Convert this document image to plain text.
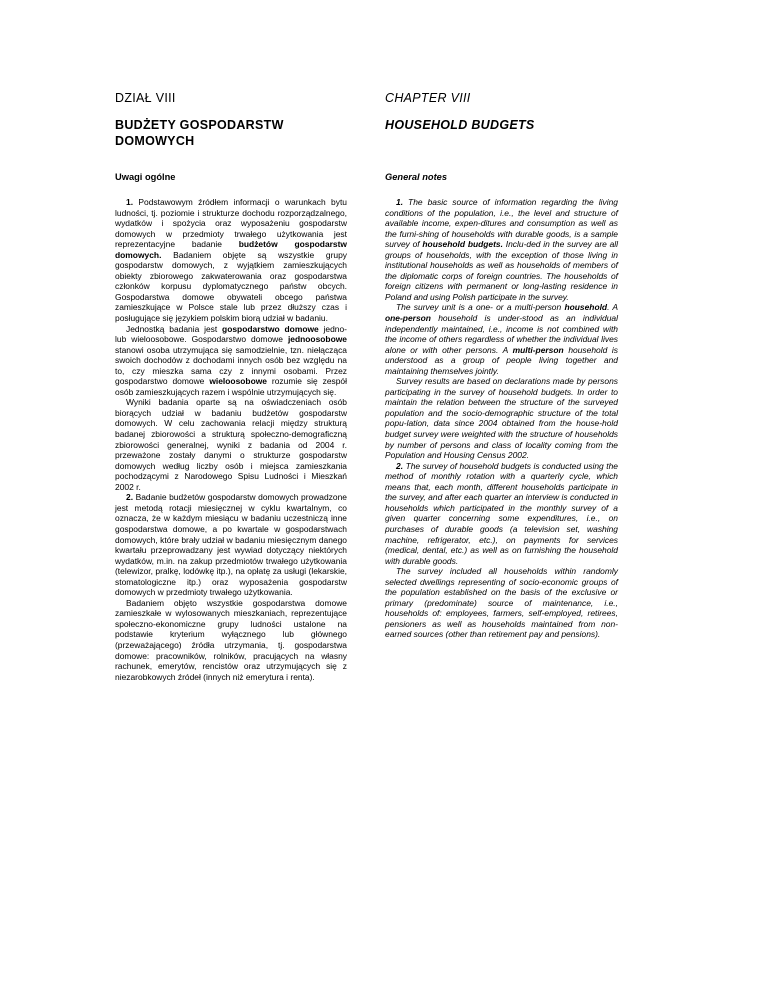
DZIAŁ VIII
BUDŻETY GOSPODARSTW DOMOWYCH
Uwagi ogólne

1. Podstawowym źródłem informacji o warunkach bytu ludności, tj. poziomie i strukturze dochodu rozporządzalnego, wydatków i spożycia oraz wyposażeniu gospodarstw domowych w przedmioty trwałego użytkowania jest reprezentacyjne badanie budżetów gospodarstw domowych. Badaniem objęte są wszystkie grupy gospodarstw domowych, z wyjątkiem zamieszkujących obiekty zbiorowego zakwaterowania oraz gospodarstwa członków korpusu dyplomatycznego państw obcych. Gospodarstwa domowe obywateli obcego państwa zamieszkujące w Polsce stale lub przez dłuższy czas i posługujące się językiem polskim biorą udział w badaniu.

Jednostką badania jest gospodarstwo domowe jedno- lub wieloosobowe. Gospodarstwo domowe jednoosobowe stanowi osoba utrzymująca się samodzielnie, tzn. niełącząca swoich dochodów z dochodami innych osób bez względu na to, czy mieszka sama czy z innymi osobami. Przez gospodarstwo domowe wieloosobowe rozumie się zespół osób zamieszkujących razem i wspólnie utrzymujących się.

Wyniki badania oparte są na oświadczeniach osób biorących udział w badaniu budżetów gospodarstw domowych. W celu zachowania relacji między strukturą badanej zbiorowości a strukturą społeczno-demograficzną zbiorowości generalnej, wyniki z badania od 2004 r. przeważone zostały danymi o strukturze gospodarstw domowych według liczby osób i miejsca zamieszkania pochodzącymi z Narodowego Spisu Ludności i Mieszkań 2002 r.

2. Badanie budżetów gospodarstw domowych prowadzone jest metodą rotacji miesięcznej w cyklu kwartalnym, co oznacza, że w każdym miesiącu w badaniu uczestniczą inne gospodarstwa domowe, a po kwartale w gospodarstwach domowych, które brały udział w badaniu miesięcznym danego kwartału przeprowadzany jest wywiad dotyczący niektórych wydatków, m.in. na zakup przedmiotów trwałego użytkowania (telewizor, pralkę, lodówkę itp.), na opłatę za usługi (lekarskie, stomatologiczne itp.) oraz wyposażenia gospodarstw domowych w przedmioty trwałego użytkowania.

Badaniem objęto wszystkie gospodarstwa domowe zamieszkałe w wylosowanych mieszkaniach, reprezentujące społeczno-ekonomiczne grupy ludności ustalone na podstawie kryterium wyłącznego lub głównego (przeważającego) źródła utrzymania, tj. gospodarstwa domowe: pracowników, rolników, pracujących na własny rachunek, emerytów, rencistów oraz utrzymujących się z niezarobkowych źródeł (innych niż emerytura i renta).

CHAPTER VIII
HOUSEHOLD BUDGETS
General notes

1. The basic source of information regarding the living conditions of the population, i.e., the level and structure of available income, expen-ditures and consumption as well as the furni-shing of households with durable goods, is a sample survey of household budgets. Inclu-ded in the survey are all groups of households, with the exception of those living in institutional households as well as households of members of the diplomatic corps of foreign countries. The households of foreign citizens with permanent or long-lasting residence in Poland and using Polish participate in the survey.

The survey unit is a one- or a multi-person household. A one-person household is under-stood as an individual independently maintained, i.e., income is not combined with the income of others regardless of whether the individual lives alone or with other persons. A multi-person household is understood as a group of people living together and maintaining themselves jointly.

Survey results are based on declarations made by persons participating in the survey of household budgets. In order to maintain the relation between the structure of the surveyed population and the socio-demographic structure of the total popu-lation, data since 2004 obtained from the house-hold budget survey were weighted with the structure of households by number of persons and class of locality coming from the Population and Housing Census 2002.

2. The survey of household budgets is conducted using the method of monthly rotation with a quarterly cycle, which means that, each month, different households participate in the survey, and after each quarter an interview is conducted in households which participated in the monthly survey of a given quarter concerning some expenditures, i.e., on purchases of durable goods (a television set, washing machine, refrigerator, etc.), on payments for services (medical, dental, etc.) as well as on furnishing the household with durable goods.

The survey included all households within randomly selected dwellings representing of socio-economic groups of the population established on the basis of the exclusive or primary (predominate) source of maintenance, i.e., households of: employees, farmers, self-employed, retirees, pensioners as well as households maintained from non-earned sources (other than retirement pay and pensions).
